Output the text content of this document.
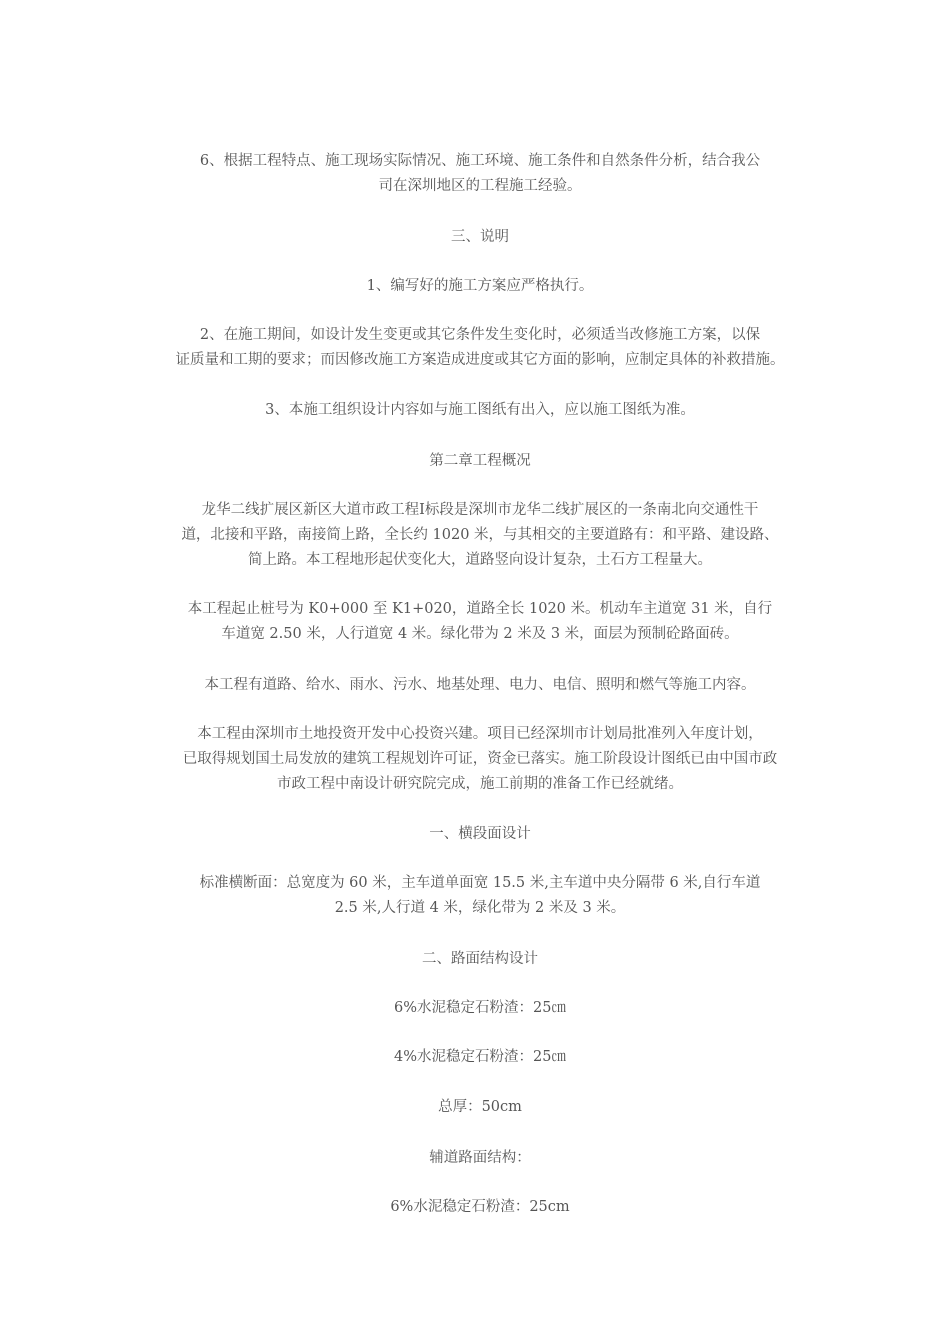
6、根据工程特点、施工现场实际情况、施工环境、施工条件和自然条件分析，结合我公
司在深圳地区的工程施工经验。

三、说明

1、编写好的施工方案应严格执行。

2、在施工期间，如设计发生变更或其它条件发生变化时，必须适当改修施工方案，以保
证质量和工期的要求；而因修改施工方案造成进度或其它方面的影响，应制定具体的补救措施。

3、本施工组织设计内容如与施工图纸有出入，应以施工图纸为准。

第二章工程概况

龙华二线扩展区新区大道市政工程Ⅰ标段是深圳市龙华二线扩展区的一条南北向交通性干
道，北接和平路，南接简上路，全长约 1020 米，与其相交的主要道路有：和平路、建设路、
简上路。本工程地形起伏变化大，道路竖向设计复杂，土石方工程量大。

本工程起止桩号为 K0+000 至 K1+020，道路全长 1020 米。机动车主道宽 31 米，自行
车道宽 2.50 米，人行道宽 4 米。绿化带为 2 米及 3 米，面层为预制砼路面砖。

本工程有道路、给水、雨水、污水、地基处理、电力、电信、照明和燃气等施工内容。

本工程由深圳市土地投资开发中心投资兴建。项目已经深圳市计划局批准列入年度计划，
已取得规划国土局发放的建筑工程规划许可证，资金已落实。施工阶段设计图纸已由中国市政
市政工程中南设计研究院完成，施工前期的准备工作已经就绪。

一、横段面设计

标准横断面：总宽度为 60 米，主车道单面宽 15.5 米,主车道中央分隔带 6 米,自行车道
2.5 米,人行道 4 米，绿化带为 2 米及 3 米。

二、路面结构设计

6%水泥稳定石粉渣：25㎝

4%水泥稳定石粉渣：25㎝

总厚：50cm

辅道路面结构：

6%水泥稳定石粉渣：25cm
